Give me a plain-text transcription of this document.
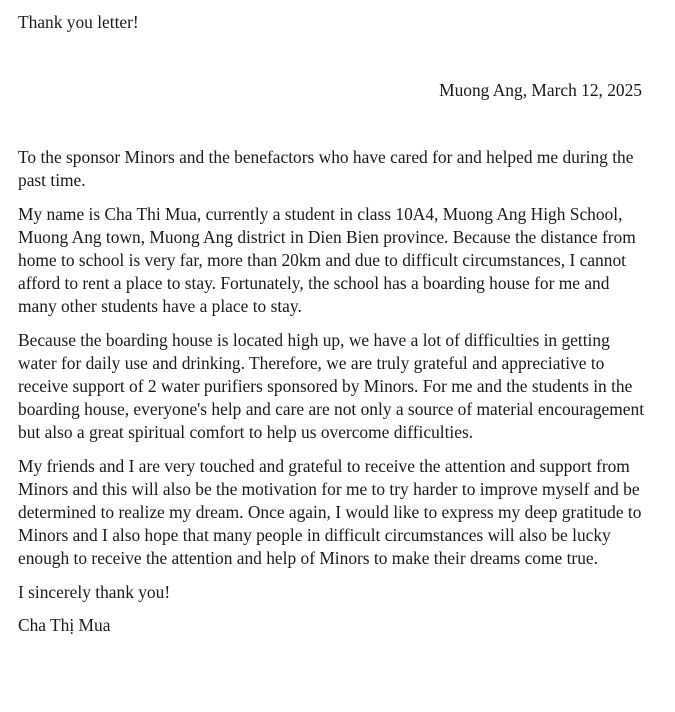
Thank you letter!

Muong Ang, March 12, 2025

To the sponsor Minors and the benefactors who have cared for and helped me during the past time.

My name is Cha Thi Mua, currently a student in class 10A4, Muong Ang High School, Muong Ang town, Muong Ang district in Dien Bien province. Because the distance from home to school is very far, more than 20km and due to difficult circumstances, I cannot afford to rent a place to stay. Fortunately, the school has a boarding house for me and many other students have a place to stay.

Because the boarding house is located high up, we have a lot of difficulties in getting water for daily use and drinking. Therefore, we are truly grateful and appreciative to receive support of 2 water purifiers sponsored by Minors. For me and the students in the boarding house, everyone's help and care are not only a source of material encouragement but also a great spiritual comfort to help us overcome difficulties.

My friends and I are very touched and grateful to receive the attention and support from Minors and this will also be the motivation for me to try harder to improve myself and be determined to realize my dream. Once again, I would like to express my deep gratitude to Minors and I also hope that many people in difficult circumstances will also be lucky enough to receive the attention and help of Minors to make their dreams come true.

I sincerely thank you!

Cha Thị Mua
